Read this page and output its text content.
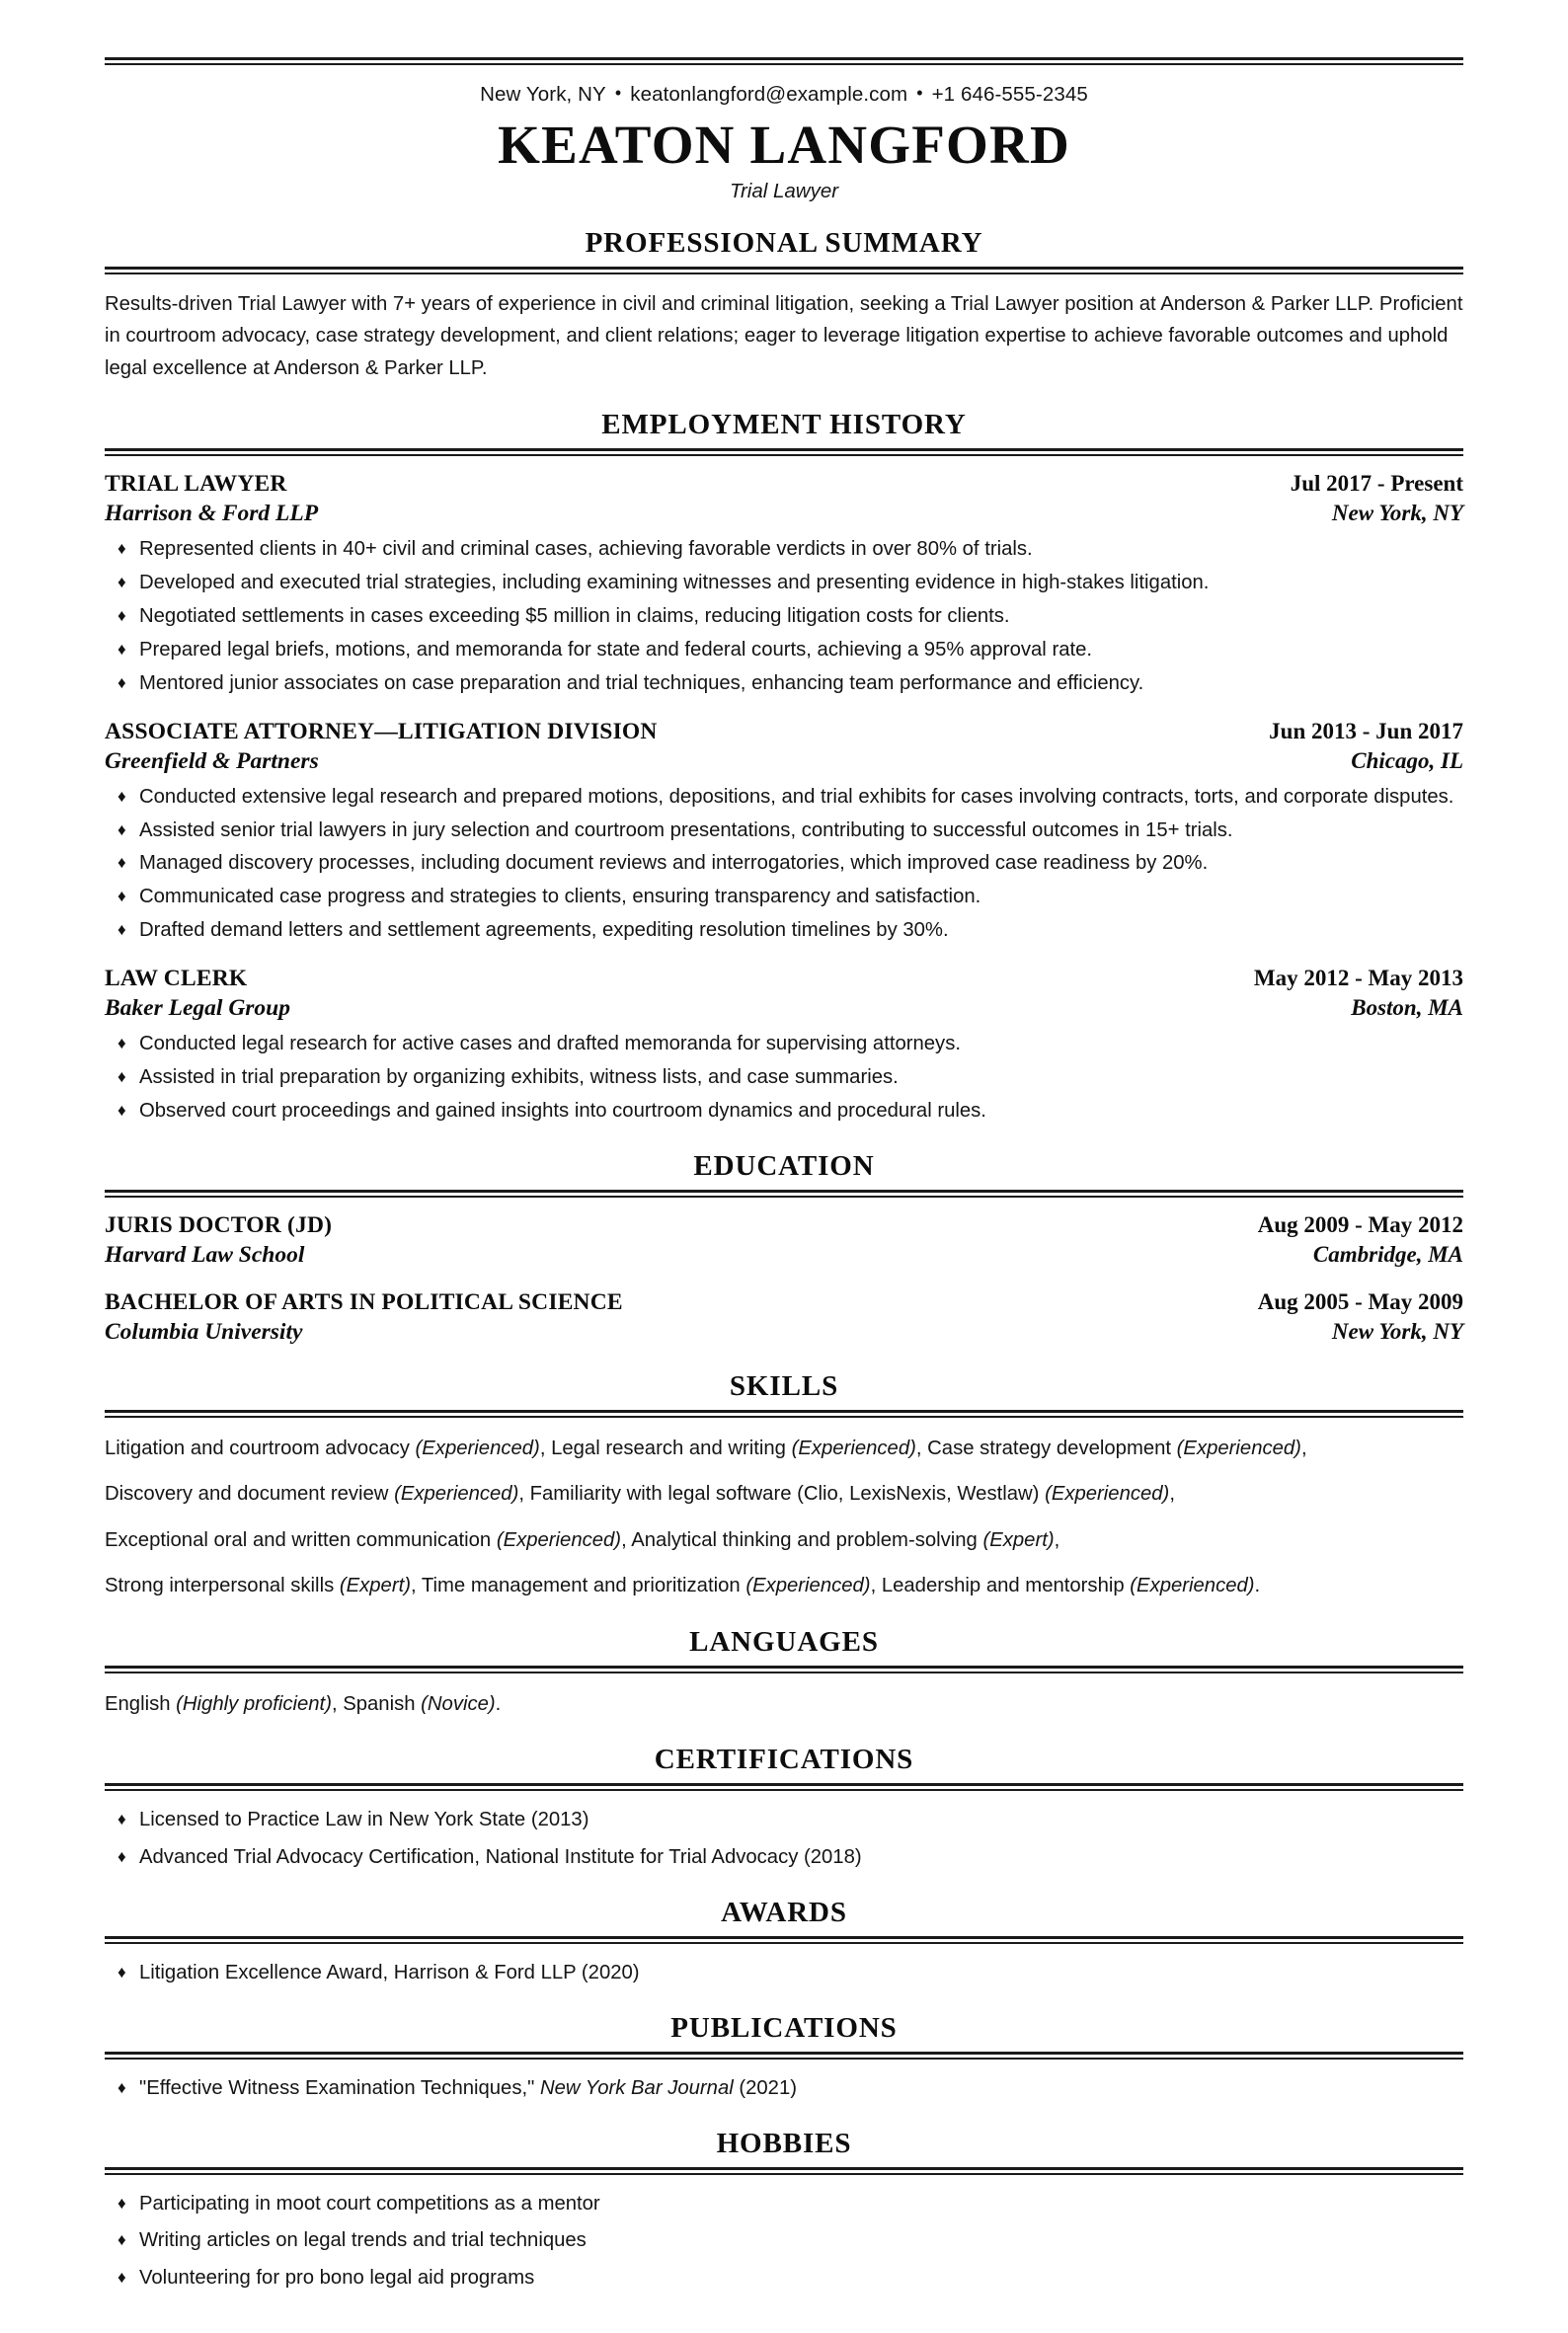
New York, NY • keatonlangford@example.com • +1 646-555-2345
KEATON LANGFORD
Trial Lawyer
PROFESSIONAL SUMMARY
Results-driven Trial Lawyer with 7+ years of experience in civil and criminal litigation, seeking a Trial Lawyer position at Anderson & Parker LLP. Proficient in courtroom advocacy, case strategy development, and client relations; eager to leverage litigation expertise to achieve favorable outcomes and uphold legal excellence at Anderson & Parker LLP.
EMPLOYMENT HISTORY
TRIAL LAWYER	Jul 2017 - Present
Harrison & Ford LLP	New York, NY
♦ Represented clients in 40+ civil and criminal cases, achieving favorable verdicts in over 80% of trials.
♦ Developed and executed trial strategies, including examining witnesses and presenting evidence in high-stakes litigation.
♦ Negotiated settlements in cases exceeding $5 million in claims, reducing litigation costs for clients.
♦ Prepared legal briefs, motions, and memoranda for state and federal courts, achieving a 95% approval rate.
♦ Mentored junior associates on case preparation and trial techniques, enhancing team performance and efficiency.
ASSOCIATE ATTORNEY—LITIGATION DIVISION	Jun 2013 - Jun 2017
Greenfield & Partners	Chicago, IL
♦ Conducted extensive legal research and prepared motions, depositions, and trial exhibits for cases involving contracts, torts, and corporate disputes.
♦ Assisted senior trial lawyers in jury selection and courtroom presentations, contributing to successful outcomes in 15+ trials.
♦ Managed discovery processes, including document reviews and interrogatories, which improved case readiness by 20%.
♦ Communicated case progress and strategies to clients, ensuring transparency and satisfaction.
♦ Drafted demand letters and settlement agreements, expediting resolution timelines by 30%.
LAW CLERK	May 2012 - May 2013
Baker Legal Group	Boston, MA
♦ Conducted legal research for active cases and drafted memoranda for supervising attorneys.
♦ Assisted in trial preparation by organizing exhibits, witness lists, and case summaries.
♦ Observed court proceedings and gained insights into courtroom dynamics and procedural rules.
EDUCATION
JURIS DOCTOR (JD)	Aug 2009 - May 2012
Harvard Law School	Cambridge, MA
BACHELOR OF ARTS IN POLITICAL SCIENCE	Aug 2005 - May 2009
Columbia University	New York, NY
SKILLS
Litigation and courtroom advocacy (Experienced), Legal research and writing (Experienced), Case strategy development (Experienced),
Discovery and document review (Experienced), Familiarity with legal software (Clio, LexisNexis, Westlaw) (Experienced),
Exceptional oral and written communication (Experienced), Analytical thinking and problem-solving (Expert),
Strong interpersonal skills (Expert), Time management and prioritization (Experienced), Leadership and mentorship (Experienced).
LANGUAGES
English (Highly proficient), Spanish (Novice).
CERTIFICATIONS
♦ Licensed to Practice Law in New York State (2013)
♦ Advanced Trial Advocacy Certification, National Institute for Trial Advocacy (2018)
AWARDS
♦ Litigation Excellence Award, Harrison & Ford LLP (2020)
PUBLICATIONS
♦ "Effective Witness Examination Techniques," New York Bar Journal (2021)
HOBBIES
♦ Participating in moot court competitions as a mentor
♦ Writing articles on legal trends and trial techniques
♦ Volunteering for pro bono legal aid programs
